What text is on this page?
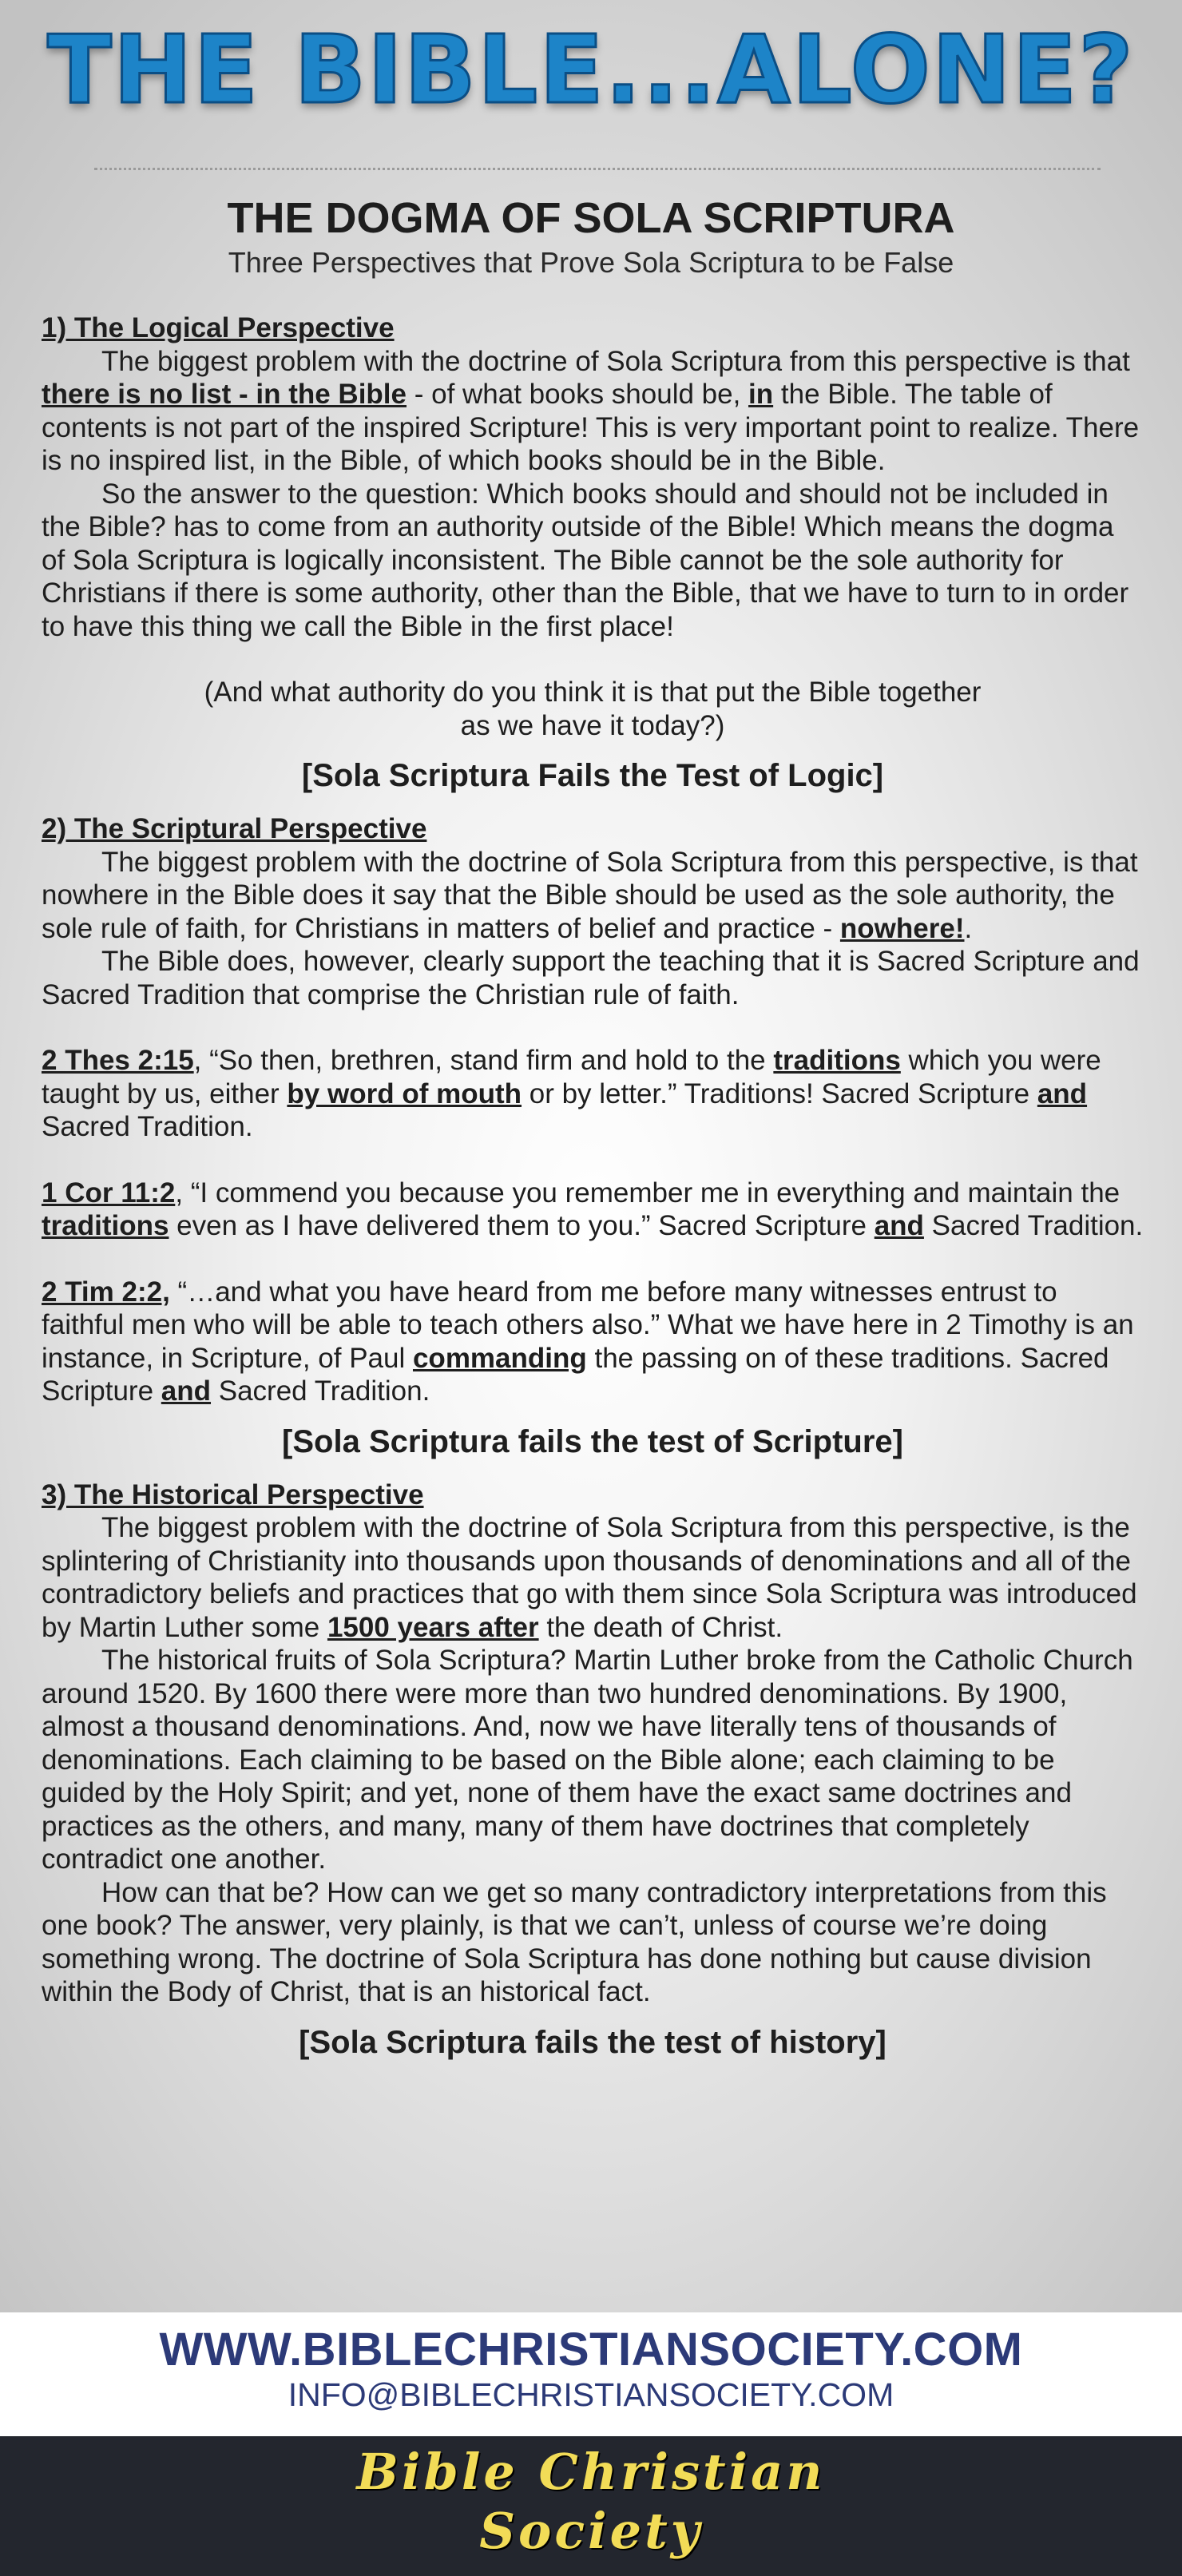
THE BIBLE...ALONE?
THE DOGMA OF SOLA SCRIPTURA
Three Perspectives that Prove Sola Scriptura to be False

1) The Logical Perspective

The biggest problem with the doctrine of Sola Scriptura from this perspective is that there is no list - in the Bible - of what books should be, in the Bible. The table of contents is not part of the inspired Scripture! This is very important point to realize. There is no inspired list, in the Bible, of which books should be in the Bible.

So the answer to the question: Which books should and should not be included in the Bible? has to come from an authority outside of the Bible! Which means the dogma of Sola Scriptura is logically inconsistent. The Bible cannot be the sole authority for Christians if there is some authority, other than the Bible, that we have to turn to in order to have this thing we call the Bible in the first place!

(And what authority do you think it is that put the Bible together

as we have it today?)

[Sola Scriptura Fails the Test of Logic]

2) The Scriptural Perspective

The biggest problem with the doctrine of Sola Scriptura from this perspective, is that nowhere in the Bible does it say that the Bible should be used as the sole authority, the sole rule of faith, for Christians in matters of belief and practice - nowhere!.

The Bible does, however, clearly support the teaching that it is Sacred Scripture and Sacred Tradition that comprise the Christian rule of faith.

2 Thes 2:15, “So then, brethren, stand firm and hold to the traditions which you were taught by us, either by word of mouth or by letter.” Traditions! Sacred Scripture and Sacred Tradition.

1 Cor 11:2, “I commend you because you remember me in everything and maintain the traditions even as I have delivered them to you.” Sacred Scripture and Sacred Tradition.

2 Tim 2:2, “…and what you have heard from me before many witnesses entrust to faithful men who will be able to teach others also.” What we have here in 2 Timothy is an instance, in Scripture, of Paul commanding the passing on of these traditions. Sacred Scripture and Sacred Tradition.

[Sola Scriptura fails the test of Scripture]

3) The Historical Perspective

The biggest problem with the doctrine of Sola Scriptura from this perspective, is the splintering of Christianity into thousands upon thousands of denominations and all of the contradictory beliefs and practices that go with them since Sola Scriptura was introduced by Martin Luther some 1500 years after the death of Christ.

The historical fruits of Sola Scriptura? Martin Luther broke from the Catholic Church around 1520. By 1600 there were more than two hundred denominations. By 1900, almost a thousand denominations. And, now we have literally tens of thousands of denominations. Each claiming to be based on the Bible alone; each claiming to be guided by the Holy Spirit; and yet, none of them have the exact same doctrines and practices as the others, and many, many of them have doctrines that completely contradict one another.

How can that be? How can we get so many contradictory interpretations from this one book? The answer, very plainly, is that we can’t, unless of course we’re doing something wrong. The doctrine of Sola Scriptura has done nothing but cause division within the Body of Christ, that is an historical fact.

[Sola Scriptura fails the test of history]

WWW.BIBLECHRISTIANSOCIETY.COM
INFO@BIBLECHRISTIANSOCIETY.COM
Bible Christian
Society
